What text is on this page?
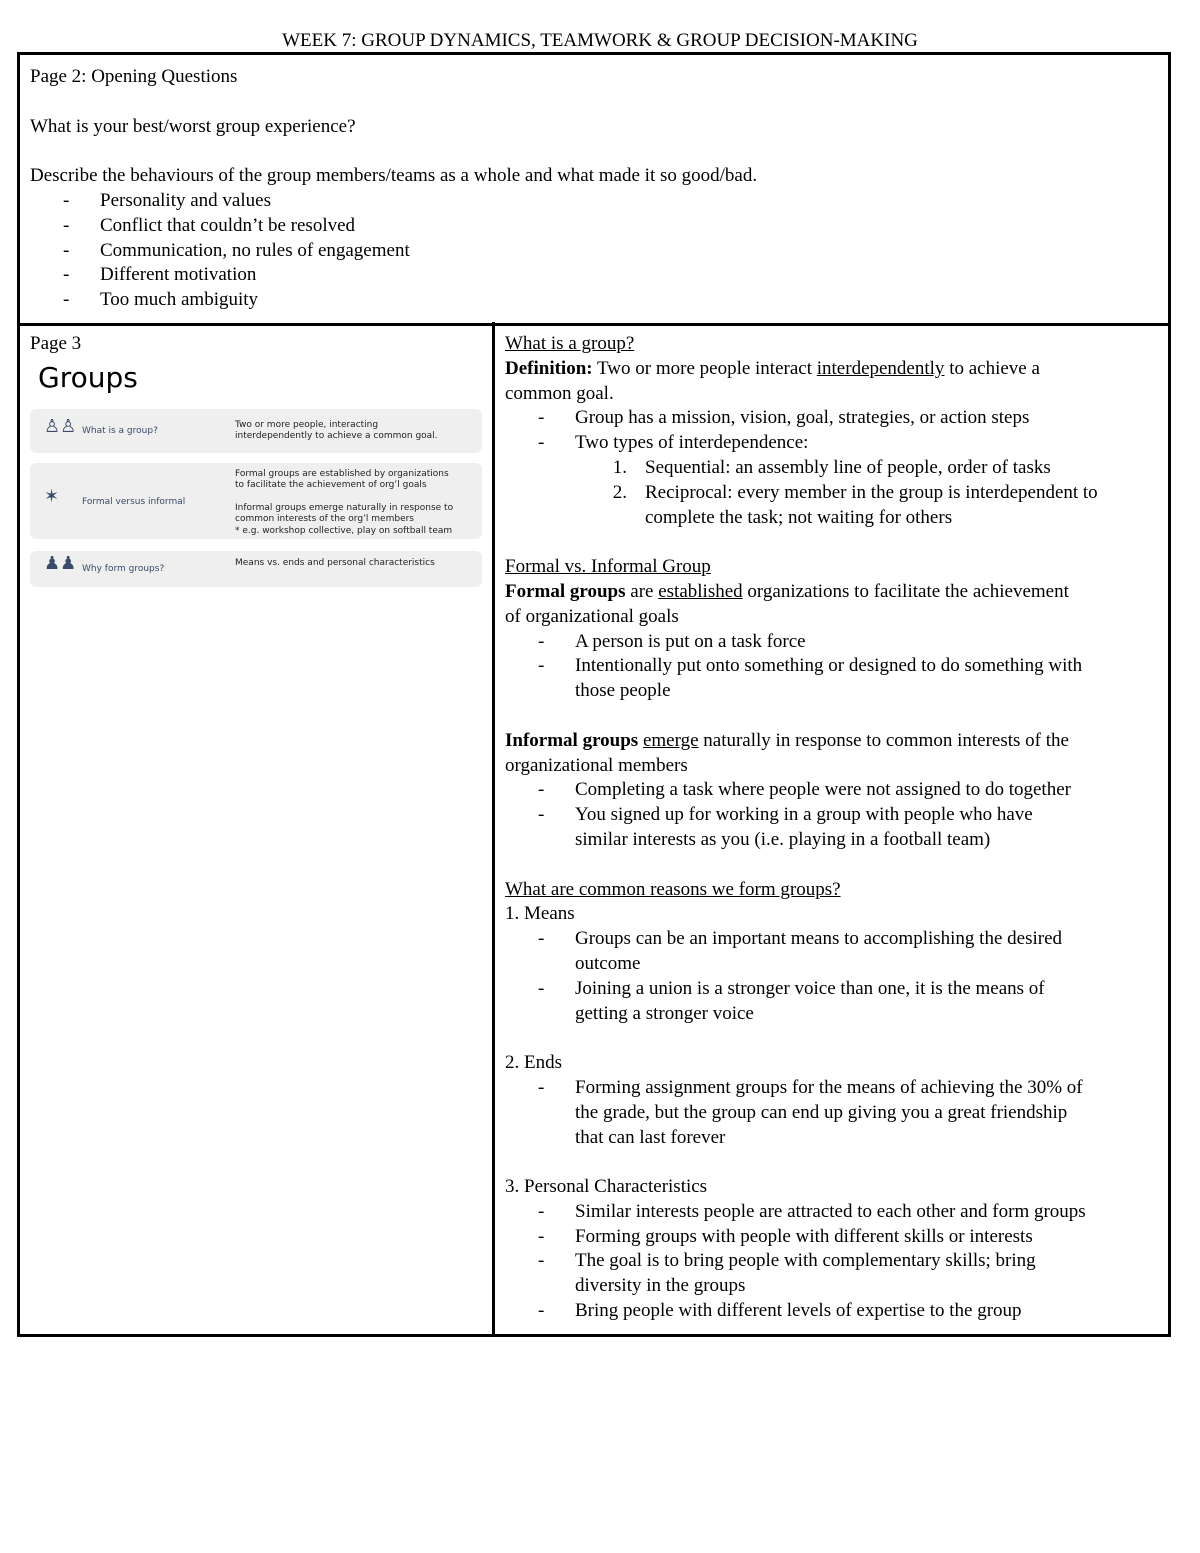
WEEK 7: GROUP DYNAMICS, TEAMWORK & GROUP DECISION-MAKING
Page 2: Opening Questions
What is your best/worst group experience?
Describe the behaviours of the group members/teams as a whole and what made it so good/bad.
-	Personality and values
-	Conflict that couldn’t be resolved
-	Communication, no rules of engagement
-	Different motivation
-	Too much ambiguity
Page 3
Groups
♙♙ What is a group?
Two or more people, interacting interdependently to achieve a common goal.
✶	Formal versus informal
Formal groups are established by organizations to facilitate the achievement of org’l goals
Informal groups emerge naturally in response to common interests of the org’l members
* e.g. workshop collective, play on softball team
♟♟ Why form groups?
Means vs. ends and personal characteristics
What is a group?
Definition: Two or more people interact interdependently to achieve a
common goal.
-	Group has a mission, vision, goal, strategies, or action steps
-	Two types of interdependence:
1. Sequential: an assembly line of people, order of tasks
2. Reciprocal: every member in the group is interdependent to
complete the task; not waiting for others
Formal vs. Informal Group
Formal groups are established organizations to facilitate the achievement
of organizational goals
-	A person is put on a task force
-	Intentionally put onto something or designed to do something with
those people
Informal groups emerge naturally in response to common interests of the
organizational members
-	Completing a task where people were not assigned to do together
-	You signed up for working in a group with people who have
similar interests as you (i.e. playing in a football team)
What are common reasons we form groups?
1. Means
-	Groups can be an important means to accomplishing the desired
outcome
-	Joining a union is a stronger voice than one, it is the means of
getting a stronger voice
2. Ends
-	Forming assignment groups for the means of achieving the 30% of
the grade, but the group can end up giving you a great friendship
that can last forever
3. Personal Characteristics
-	Similar interests people are attracted to each other and form groups
-	Forming groups with people with different skills or interests
-	The goal is to bring people with complementary skills; bring
diversity in the groups
-	Bring people with different levels of expertise to the group
